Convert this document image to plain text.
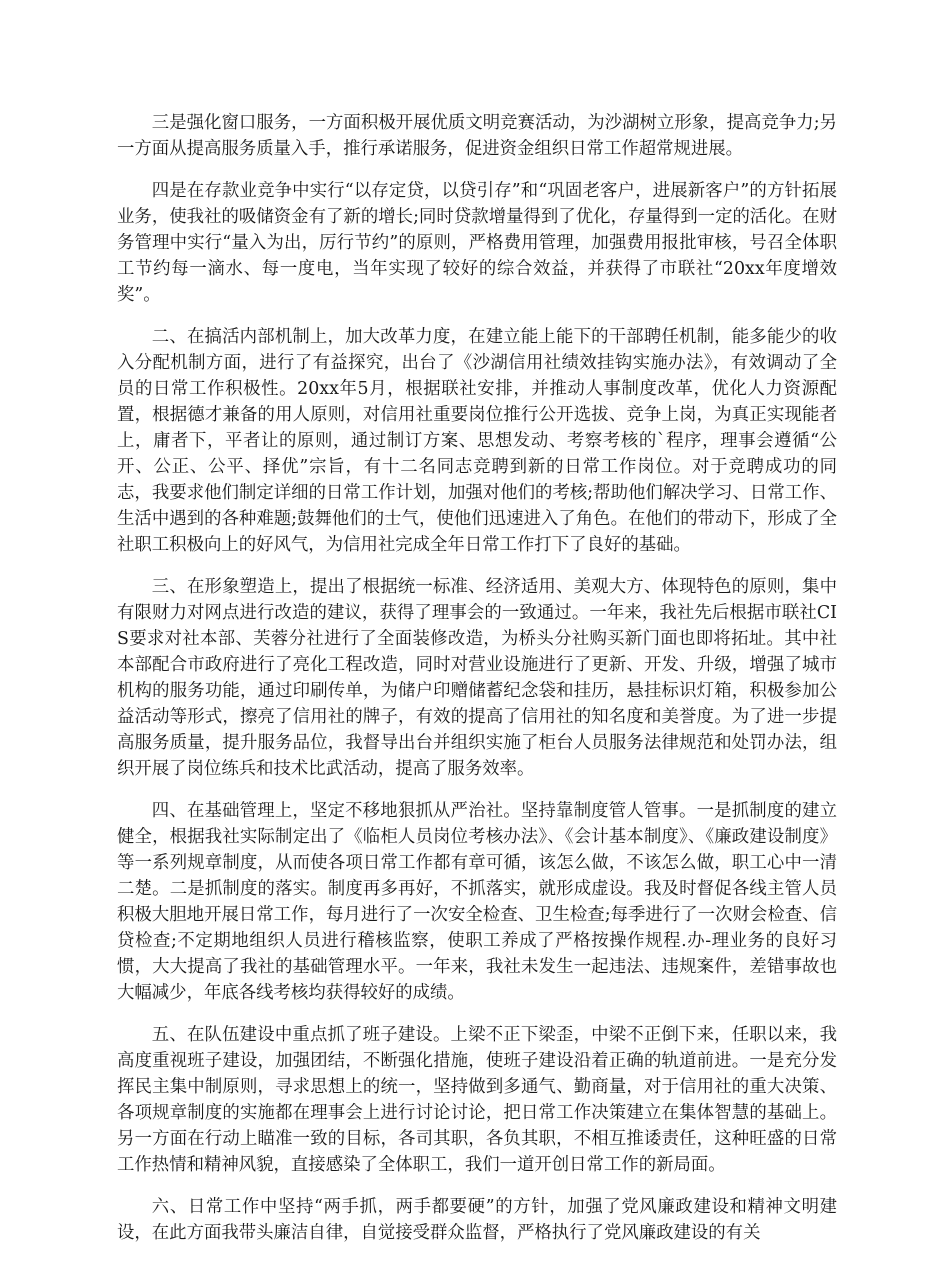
三是强化窗口服务，一方面积极开展优质文明竞赛活动，为沙湖树立形象，提高竞争力;另一方面从提高服务质量入手，推行承诺服务，促进资金组织日常工作超常规进展。

四是在存款业竞争中实行“以存定贷，以贷引存”和“巩固老客户，进展新客户”的方针拓展业务，使我社的吸储资金有了新的增长;同时贷款增量得到了优化，存量得到一定的活化。在财务管理中实行“量入为出，厉行节约”的原则，严格费用管理，加强费用报批审核，号召全体职工节约每一滴水、每一度电，当年实现了较好的综合效益，并获得了市联社“20xx年度增效奖”。

二、在搞活内部机制上，加大改革力度，在建立能上能下的干部聘任机制，能多能少的收入分配机制方面，进行了有益探究，出台了《沙湖信用社绩效挂钩实施办法》，有效调动了全员的日常工作积极性。20xx年5月，根据联社安排，并推动人事制度改革，优化人力资源配置，根据德才兼备的用人原则，对信用社重要岗位推行公开选拔、竞争上岗，为真正实现能者上，庸者下，平者让的原则，通过制订方案、思想发动、考察考核的`程序，理事会遵循“公开、公正、公平、择优”宗旨，有十二名同志竞聘到新的日常工作岗位。对于竞聘成功的同志，我要求他们制定详细的日常工作计划，加强对他们的考核;帮助他们解决学习、日常工作、生活中遇到的各种难题;鼓舞他们的士气，使他们迅速进入了角色。在他们的带动下，形成了全社职工积极向上的好风气，为信用社完成全年日常工作打下了良好的基础。

三、在形象塑造上，提出了根据统一标准、经济适用、美观大方、体现特色的原则，集中有限财力对网点进行改造的建议，获得了理事会的一致通过。一年来，我社先后根据市联社CIS要求对社本部、芙蓉分社进行了全面装修改造，为桥头分社购买新门面也即将拓址。其中社本部配合市政府进行了亮化工程改造，同时对营业设施进行了更新、开发、升级，增强了城市机构的服务功能，通过印刷传单，为储户印赠储蓄纪念袋和挂历，悬挂标识灯箱，积极参加公益活动等形式，擦亮了信用社的牌子，有效的提高了信用社的知名度和美誉度。为了进一步提高服务质量，提升服务品位，我督导出台并组织实施了柜台人员服务法律规范和处罚办法，组织开展了岗位练兵和技术比武活动，提高了服务效率。

四、在基础管理上，坚定不移地狠抓从严治社。坚持靠制度管人管事。一是抓制度的建立健全，根据我社实际制定出了《临柜人员岗位考核办法》、《会计基本制度》、《廉政建设制度》等一系列规章制度，从而使各项日常工作都有章可循，该怎么做，不该怎么做，职工心中一清二楚。二是抓制度的落实。制度再多再好，不抓落实，就形成虚设。我及时督促各线主管人员积极大胆地开展日常工作，每月进行了一次安全检查、卫生检查;每季进行了一次财会检查、信贷检查;不定期地组织人员进行稽核监察，使职工养成了严格按操作规程.办-理业务的良好习惯，大大提高了我社的基础管理水平。一年来，我社未发生一起违法、违规案件，差错事故也大幅减少，年底各线考核均获得较好的成绩。

五、在队伍建设中重点抓了班子建设。上梁不正下梁歪，中梁不正倒下来，任职以来，我高度重视班子建设，加强团结，不断强化措施，使班子建设沿着正确的轨道前进。一是充分发挥民主集中制原则，寻求思想上的统一，坚持做到多通气、勤商量，对于信用社的重大决策、各项规章制度的实施都在理事会上进行讨论讨论，把日常工作决策建立在集体智慧的基础上。另一方面在行动上瞄准一致的目标，各司其职，各负其职，不相互推诿责任，这种旺盛的日常工作热情和精神风貌，直接感染了全体职工，我们一道开创日常工作的新局面。

六、日常工作中坚持“两手抓，两手都要硬”的方针，加强了党风廉政建设和精神文明建设，在此方面我带头廉洁自律，自觉接受群众监督，严格执行了党风廉政建设的有关
